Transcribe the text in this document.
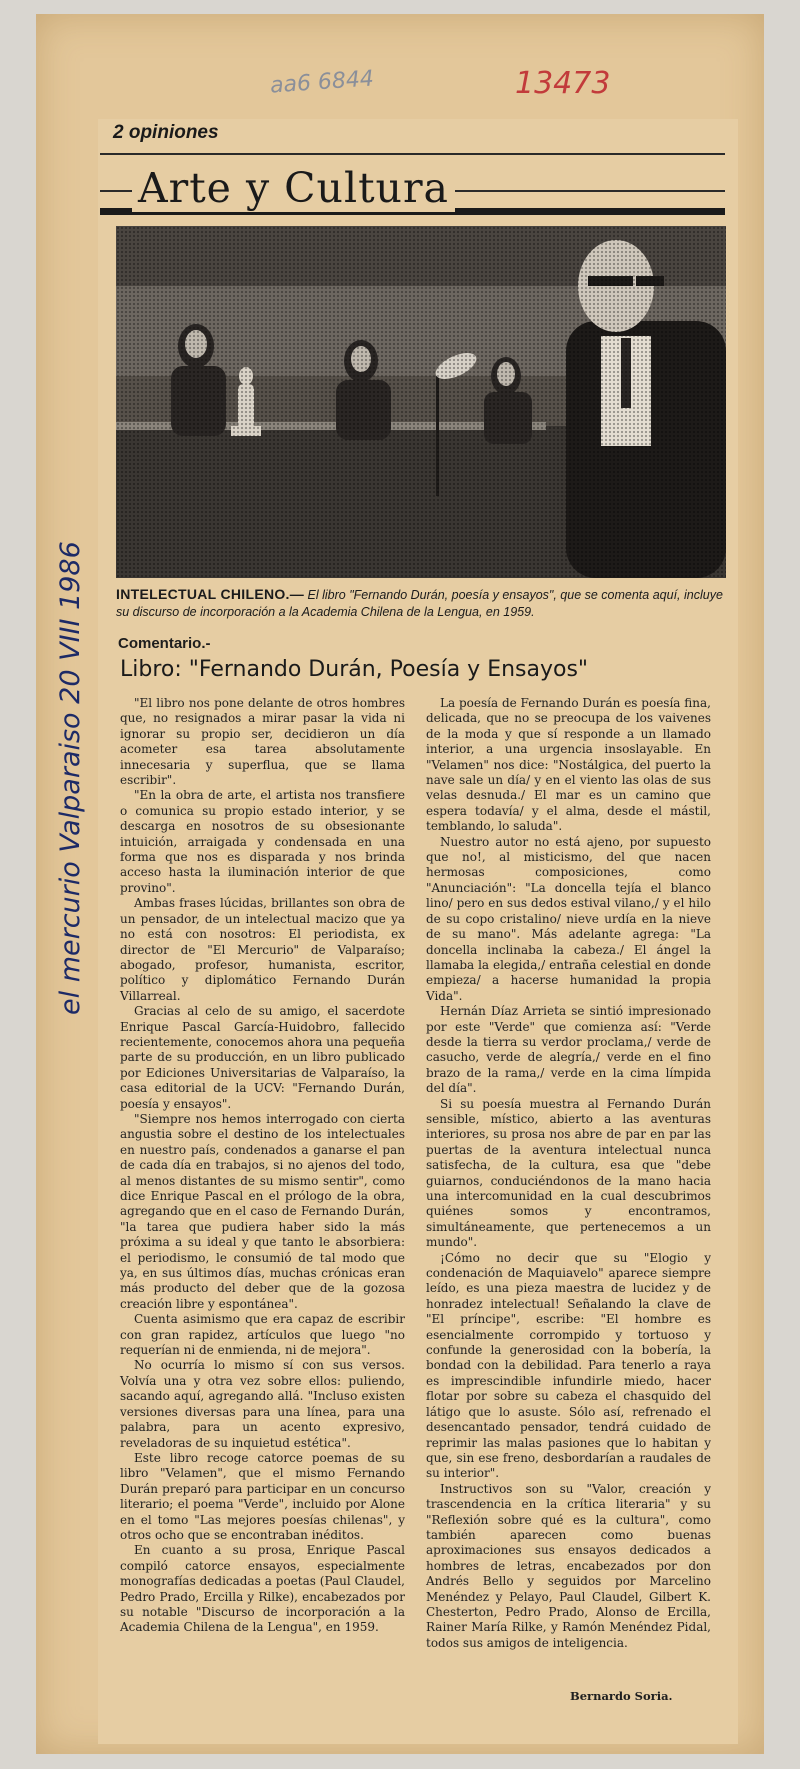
aa6 6844	13473
el mercurio Valparaiso 20 VIII 1986
2 opiniones
Arte y Cultura
INTELECTUAL CHILENO.— El libro "Fernando Durán, poesía y ensayos", que se comenta aquí, incluye su discurso de incorporación a la Academia Chilena de la Lengua, en 1959.
Comentario.-
Libro: "Fernando Durán, Poesía y Ensayos"

"El libro nos pone delante de otros hombres que, no resignados a mirar pasar la vida ni ignorar su propio ser, decidieron un día acometer esa tarea absolutamente innecesaria y superflua, que se llama escribir".

"En la obra de arte, el artista nos transfiere o comunica su propio estado interior, y se descarga en nosotros de su obsesionante intuición, arraigada y condensada en una forma que nos es disparada y nos brinda acceso hasta la iluminación interior de que provino".

Ambas frases lúcidas, brillantes son obra de un pensador, de un intelectual macizo que ya no está con nosotros: El periodista, ex director de "El Mercurio" de Valparaíso; abogado, profesor, humanista, escritor, político y diplomático Fernando Durán Villarreal.

Gracias al celo de su amigo, el sacerdote Enrique Pascal García-Huidobro, fallecido recientemente, conocemos ahora una pequeña parte de su producción, en un libro publicado por Ediciones Universitarias de Valparaíso, la casa editorial de la UCV: "Fernando Durán, poesía y ensayos".

"Siempre nos hemos interrogado con cierta angustia sobre el destino de los intelectuales en nuestro país, condenados a ganarse el pan de cada día en trabajos, si no ajenos del todo, al menos distantes de su mismo sentir", como dice Enrique Pascal en el prólogo de la obra, agregando que en el caso de Fernando Durán, "la tarea que pudiera haber sido la más próxima a su ideal y que tanto le absorbiera: el periodismo, le consumió de tal modo que ya, en sus últimos días, muchas crónicas eran más producto del deber que de la gozosa creación libre y espontánea".

Cuenta asimismo que era capaz de escribir con gran rapidez, artículos que luego "no requerían ni de enmienda, ni de mejora".

No ocurría lo mismo sí con sus versos. Volvía una y otra vez sobre ellos: puliendo, sacando aquí, agregando allá. "Incluso existen versiones diversas para una línea, para una palabra, para un acento expresivo, reveladoras de su inquietud estética".

Este libro recoge catorce poemas de su libro "Velamen", que el mismo Fernando Durán preparó para participar en un concurso literario; el poema "Verde", incluido por Alone en el tomo "Las mejores poesías chilenas", y otros ocho que se encontraban inéditos.

En cuanto a su prosa, Enrique Pascal compiló catorce ensayos, especialmente monografías dedicadas a poetas (Paul Claudel, Pedro Prado, Ercilla y Rilke), encabezados por su notable "Discurso de incorporación a la Academia Chilena de la Lengua", en 1959.

La poesía de Fernando Durán es poesía fina, delicada, que no se preocupa de los vaivenes de la moda y que sí responde a un llamado interior, a una urgencia insoslayable. En "Velamen" nos dice: "Nostálgica, del puerto la nave sale un día/ y en el viento las olas de sus velas desnuda./ El mar es un camino que espera todavía/ y el alma, desde el mástil, temblando, lo saluda".

Nuestro autor no está ajeno, por supuesto que no!, al misticismo, del que nacen hermosas composiciones, como "Anunciación": "La doncella tejía el blanco lino/ pero en sus dedos estival vilano,/ y el hilo de su copo cristalino/ nieve urdía en la nieve de su mano". Más adelante agrega: "La doncella inclinaba la cabeza./ El ángel la llamaba la elegida,/ entraña celestial en donde empieza/ a hacerse humanidad la propia Vida".

Hernán Díaz Arrieta se sintió impresionado por este "Verde" que comienza así: "Verde desde la tierra su verdor proclama,/ verde de casucho, verde de alegría,/ verde en el fino brazo de la rama,/ verde en la cima límpida del día".

Si su poesía muestra al Fernando Durán sensible, místico, abierto a las aventuras interiores, su prosa nos abre de par en par las puertas de la aventura intelectual nunca satisfecha, de la cultura, esa que "debe guiarnos, conduciéndonos de la mano hacia una intercomunidad en la cual descubrimos quiénes somos y encontramos, simultáneamente, que pertenecemos a un mundo".

¡Cómo no decir que su "Elogio y condenación de Maquiavelo" aparece siempre leído, es una pieza maestra de lucidez y de honradez intelectual! Señalando la clave de "El príncipe", escribe: "El hombre es esencialmente corrompido y tortuoso y confunde la generosidad con la bobería, la bondad con la debilidad. Para tenerlo a raya es imprescindible infundirle miedo, hacer flotar por sobre su cabeza el chasquido del látigo que lo asuste. Sólo así, refrenado el desencantado pensador, tendrá cuidado de reprimir las malas pasiones que lo habitan y que, sin ese freno, desbordarían a raudales de su interior".

Instructivos son su "Valor, creación y trascendencia en la crítica literaria" y su "Reflexión sobre qué es la cultura", como también aparecen como buenas aproximaciones sus ensayos dedicados a hombres de letras, encabezados por don Andrés Bello y seguidos por Marcelino Menéndez y Pelayo, Paul Claudel, Gilbert K. Chesterton, Pedro Prado, Alonso de Ercilla, Rainer María Rilke, y Ramón Menéndez Pidal, todos sus amigos de inteligencia.

Bernardo Soria.
